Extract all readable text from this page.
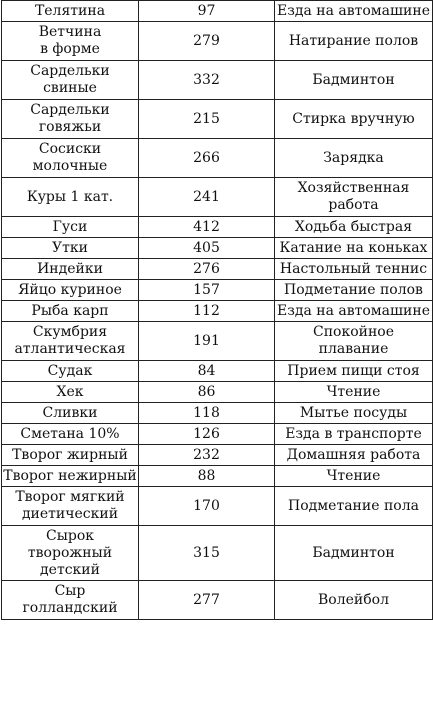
Телятина	97	Езда на автомашине
Ветчина
в форме	279	Натирание полов
Сардельки
свиные	332	Бадминтон
Сардельки
говяжьи	215	Стирка вручную
Сосиски
молочные	266	Зарядка
Куры 1 кат.	241	Хозяйственная
работа
Гуси	412	Ходьба быстрая
Утки	405	Катание на коньках
Индейки	276	Настольный теннис
Яйцо куриное	157	Подметание полов
Рыба карп	112	Езда на автомашине
Скумбрия
атлантическая	191	Спокойное плавание
Судак	84	Прием пищи стоя
Хек	86	Чтение
Сливки	118	Мытье посуды
Сметана 10%	126	Езда в транспорте
Творог жирный	232	Домашняя работа
Творог нежирный	88	Чтение
Творог мягкий
диетический	170	Подметание пола
Сырок
творожный
детский	315	Бадминтон
Сыр
голландский	277	Волейбол
